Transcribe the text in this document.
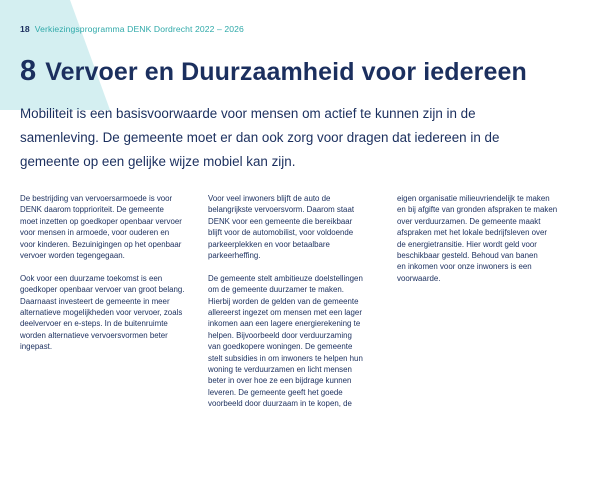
18 Verkiezingsprogramma DENK Dordrecht 2022 – 2026
8 Vervoer en Duurzaamheid voor iedereen

Mobiliteit is een basisvoorwaarde voor mensen om actief te kunnen zijn in de
samenleving. De gemeente moet er dan ook zorg voor dragen dat iedereen in de
gemeente op een gelijke wijze mobiel kan zijn.

De bestrijding van vervoersarmoede is voor
DENK daarom topprioriteit. De gemeente
moet inzetten op goedkoper openbaar vervoer
voor mensen in armoede, voor ouderen en
voor kinderen. Bezuinigingen op het openbaar
vervoer worden tegengegaan.

Ook voor een duurzame toekomst is een
goedkoper openbaar vervoer van groot belang.
Daarnaast investeert de gemeente in meer
alternatieve mogelijkheden voor vervoer, zoals
deelvervoer en e-steps. In de buitenruimte
worden alternatieve vervoersvormen beter
ingepast.

Voor veel inwoners blijft de auto de
belangrijkste vervoersvorm. Daarom staat
DENK voor een gemeente die bereikbaar
blijft voor de automobilist, voor voldoende
parkeerplekken en voor betaalbare
parkeerheffing.

De gemeente stelt ambitieuze doelstellingen
om de gemeente duurzamer te maken.
Hierbij worden de gelden van de gemeente
allereerst ingezet om mensen met een lager
inkomen aan een lagere energierekening te
helpen. Bijvoorbeeld door verduurzaming
van goedkopere woningen. De gemeente
stelt subsidies in om inwoners te helpen hun
woning te verduurzamen en licht mensen
beter in over hoe ze een bijdrage kunnen
leveren. De gemeente geeft het goede
voorbeeld door duurzaam in te kopen, de

eigen organisatie milieuvriendelijk te maken
en bij afgifte van gronden afspraken te maken
over verduurzamen. De gemeente maakt
afspraken met het lokale bedrijfsleven over
de energietransitie. Hier wordt geld voor
beschikbaar gesteld. Behoud van banen
en inkomen voor onze inwoners is een
voorwaarde.
